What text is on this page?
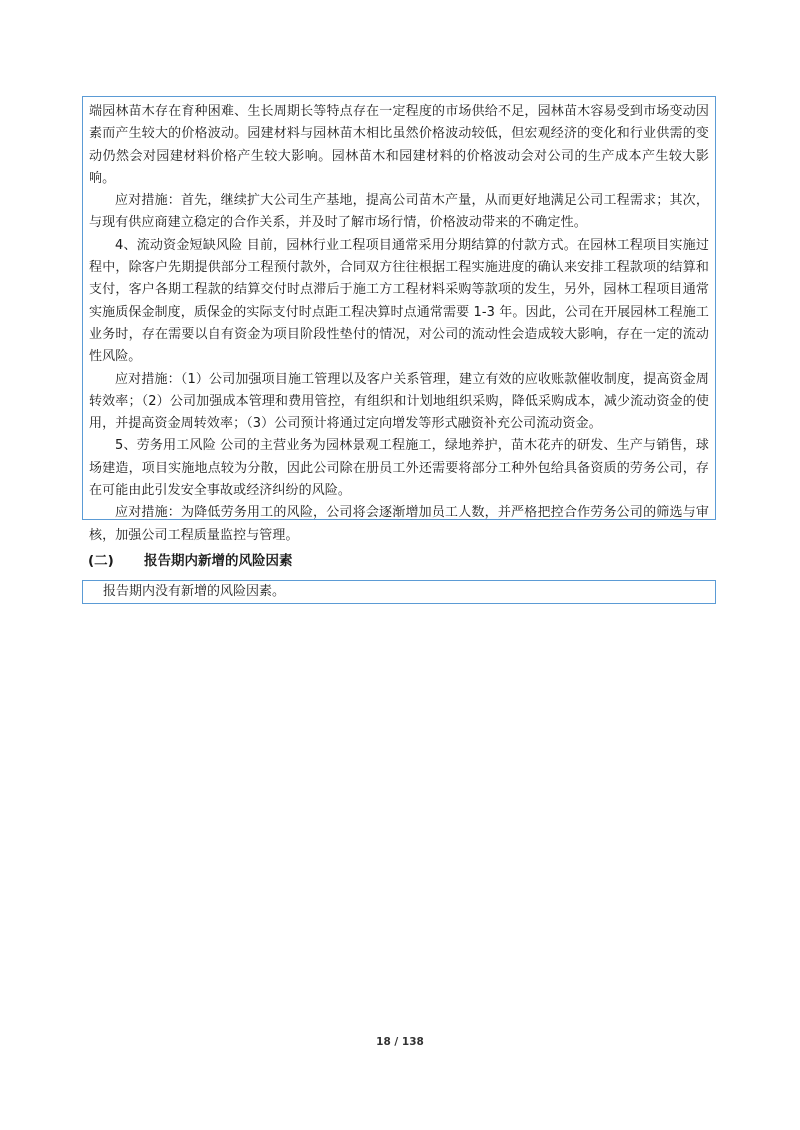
端园林苗木存在育种困难、生长周期长等特点存在一定程度的市场供给不足，园林苗木容易受到市场变动因素而产生较大的价格波动。园建材料与园林苗木相比虽然价格波动较低，但宏观经济的变化和行业供需的变动仍然会对园建材料价格产生较大影响。园林苗木和园建材料的价格波动会对公司的生产成本产生较大影响。

应对措施：首先，继续扩大公司生产基地，提高公司苗木产量，从而更好地满足公司工程需求；其次，与现有供应商建立稳定的合作关系，并及时了解市场行情，价格波动带来的不确定性。

4、流动资金短缺风险 目前，园林行业工程项目通常采用分期结算的付款方式。在园林工程项目实施过程中，除客户先期提供部分工程预付款外，合同双方往往根据工程实施进度的确认来安排工程款项的结算和支付，客户各期工程款的结算交付时点滞后于施工方工程材料采购等款项的发生，另外，园林工程项目通常实施质保金制度，质保金的实际支付时点距工程决算时点通常需要 1-3 年。因此，公司在开展园林工程施工业务时，存在需要以自有资金为项目阶段性垫付的情况，对公司的流动性会造成较大影响，存在一定的流动性风险。

应对措施：（1）公司加强项目施工管理以及客户关系管理，建立有效的应收账款催收制度，提高资金周转效率；（2）公司加强成本管理和费用管控，有组织和计划地组织采购，降低采购成本，减少流动资金的使用，并提高资金周转效率；（3）公司预计将通过定向增发等形式融资补充公司流动资金。

5、劳务用工风险 公司的主营业务为园林景观工程施工，绿地养护，苗木花卉的研发、生产与销售，球场建造，项目实施地点较为分散，因此公司除在册员工外还需要将部分工种外包给具备资质的劳务公司，存在可能由此引发安全事故或经济纠纷的风险。

应对措施：为降低劳务用工的风险，公司将会逐渐增加员工人数，并严格把控合作劳务公司的筛选与审核，加强公司工程质量监控与管理。

(二)	报告期内新增的风险因素

报告期内没有新增的风险因素。

18 / 138
